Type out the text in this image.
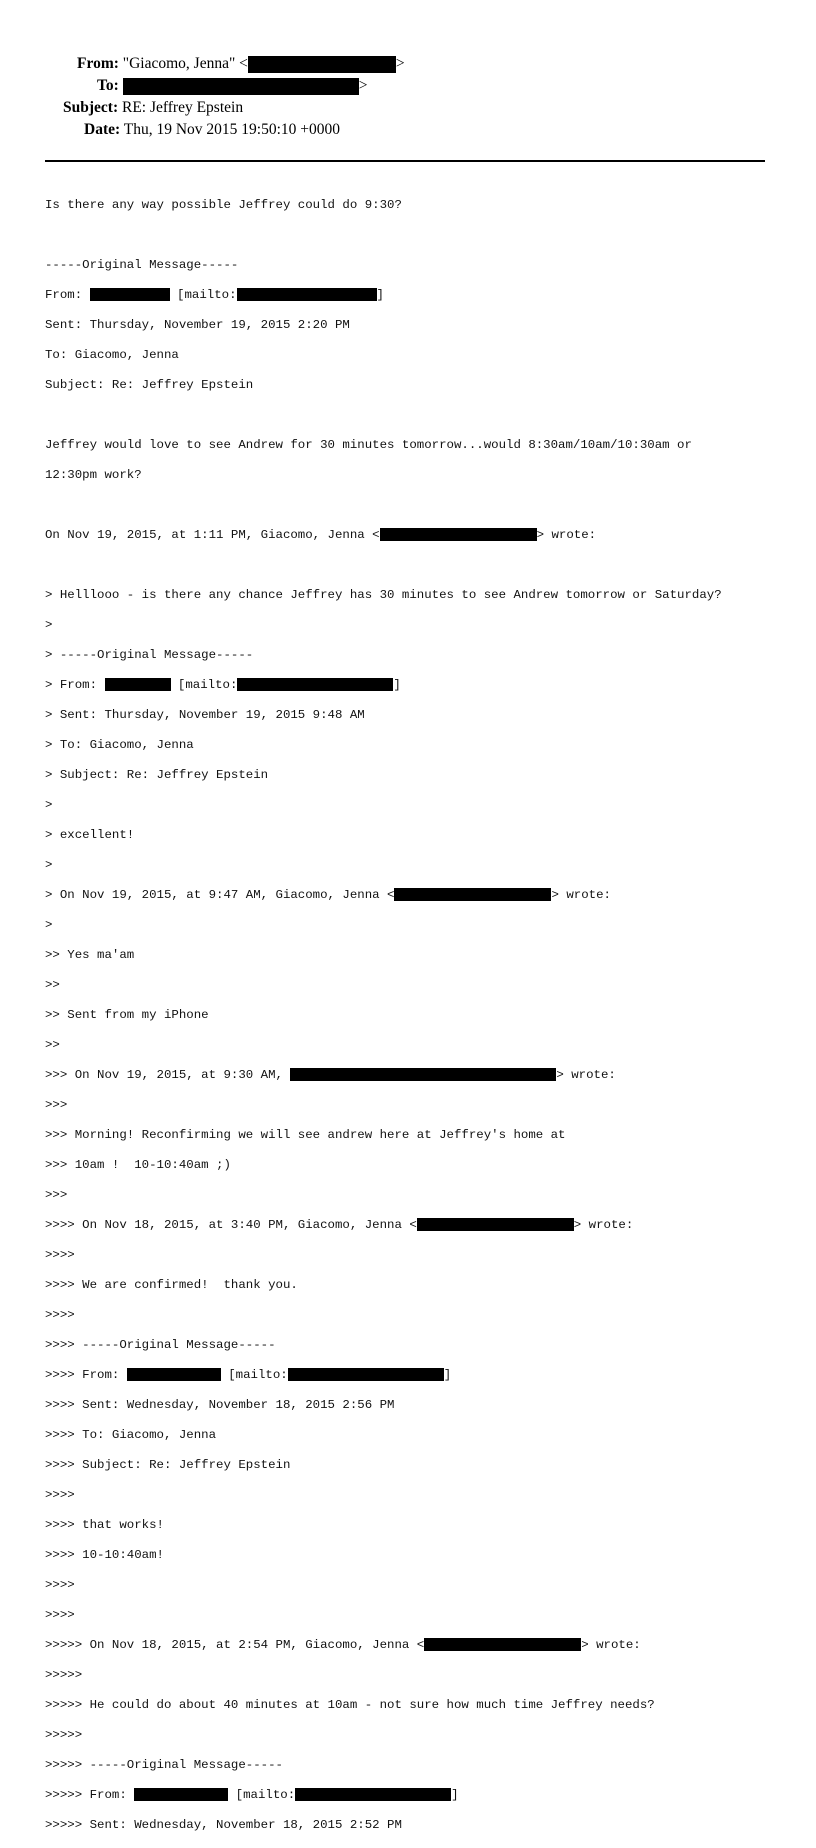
From: "Giacomo, Jenna" <	>
To:	>
Subject: RE: Jeffrey Epstein
Date: Thu, 19 Nov 2015 19:50:10 +0000

Is there any way possible Jeffrey could do 9:30?

-----Original Message-----

From:	[mailto:	]

Sent: Thursday, November 19, 2015 2:20 PM

To: Giacomo, Jenna

Subject: Re: Jeffrey Epstein

Jeffrey would love to see Andrew for 30 minutes tomorrow...would 8:30am/10am/10:30am or

12:30pm work?

On Nov 19, 2015, at 1:11 PM, Giacomo, Jenna <	> wrote:

> Helllooo - is there any chance Jeffrey has 30 minutes to see Andrew tomorrow or Saturday?

>

> -----Original Message-----

> From:	[mailto:	]

> Sent: Thursday, November 19, 2015 9:48 AM

> To: Giacomo, Jenna

> Subject: Re: Jeffrey Epstein

>

> excellent!

>

> On Nov 19, 2015, at 9:47 AM, Giacomo, Jenna <	> wrote:

>

>> Yes ma'am

>>

>> Sent from my iPhone

>>

>>> On Nov 19, 2015, at 9:30 AM,	> wrote:

>>>

>>> Morning! Reconfirming we will see andrew here at Jeffrey's home at

>>> 10am !  10-10:40am ;)

>>>

>>>> On Nov 18, 2015, at 3:40 PM, Giacomo, Jenna <	> wrote:

>>>>

>>>> We are confirmed!  thank you.

>>>>

>>>> -----Original Message-----

>>>> From:	[mailto:	]

>>>> Sent: Wednesday, November 18, 2015 2:56 PM

>>>> To: Giacomo, Jenna

>>>> Subject: Re: Jeffrey Epstein

>>>>

>>>> that works!

>>>> 10-10:40am!

>>>>

>>>>

>>>>> On Nov 18, 2015, at 2:54 PM, Giacomo, Jenna <	> wrote:

>>>>>

>>>>> He could do about 40 minutes at 10am - not sure how much time Jeffrey needs?

>>>>>

>>>>> -----Original Message-----

>>>>> From:	[mailto:	]

>>>>> Sent: Wednesday, November 18, 2015 2:52 PM
